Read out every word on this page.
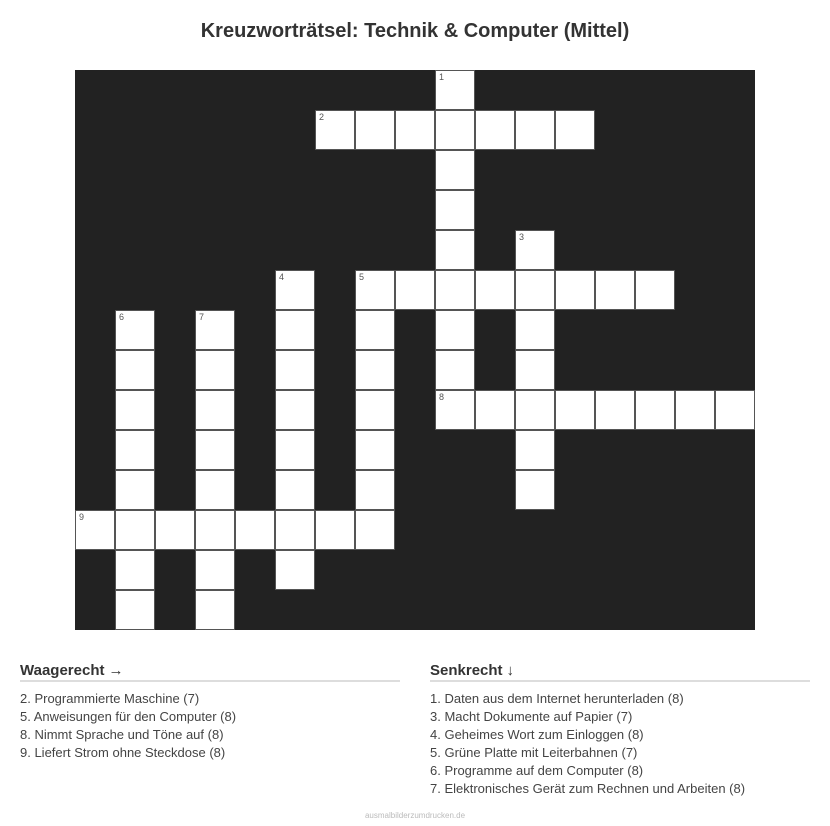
Kreuzworträtsel: Technik & Computer (Mittel)
1
2
3
4	5
6	7
8
9
Waagerecht →
2. Programmierte Maschine (7)
5. Anweisungen für den Computer (8)
8. Nimmt Sprache und Töne auf (8)
9. Liefert Strom ohne Steckdose (8)
Senkrecht ↓
1. Daten aus dem Internet herunterladen (8)
3. Macht Dokumente auf Papier (7)
4. Geheimes Wort zum Einloggen (8)
5. Grüne Platte mit Leiterbahnen (7)
6. Programme auf dem Computer (8)
7. Elektronisches Gerät zum Rechnen und Arbeiten (8)
ausmalbilderzumdrucken.de
